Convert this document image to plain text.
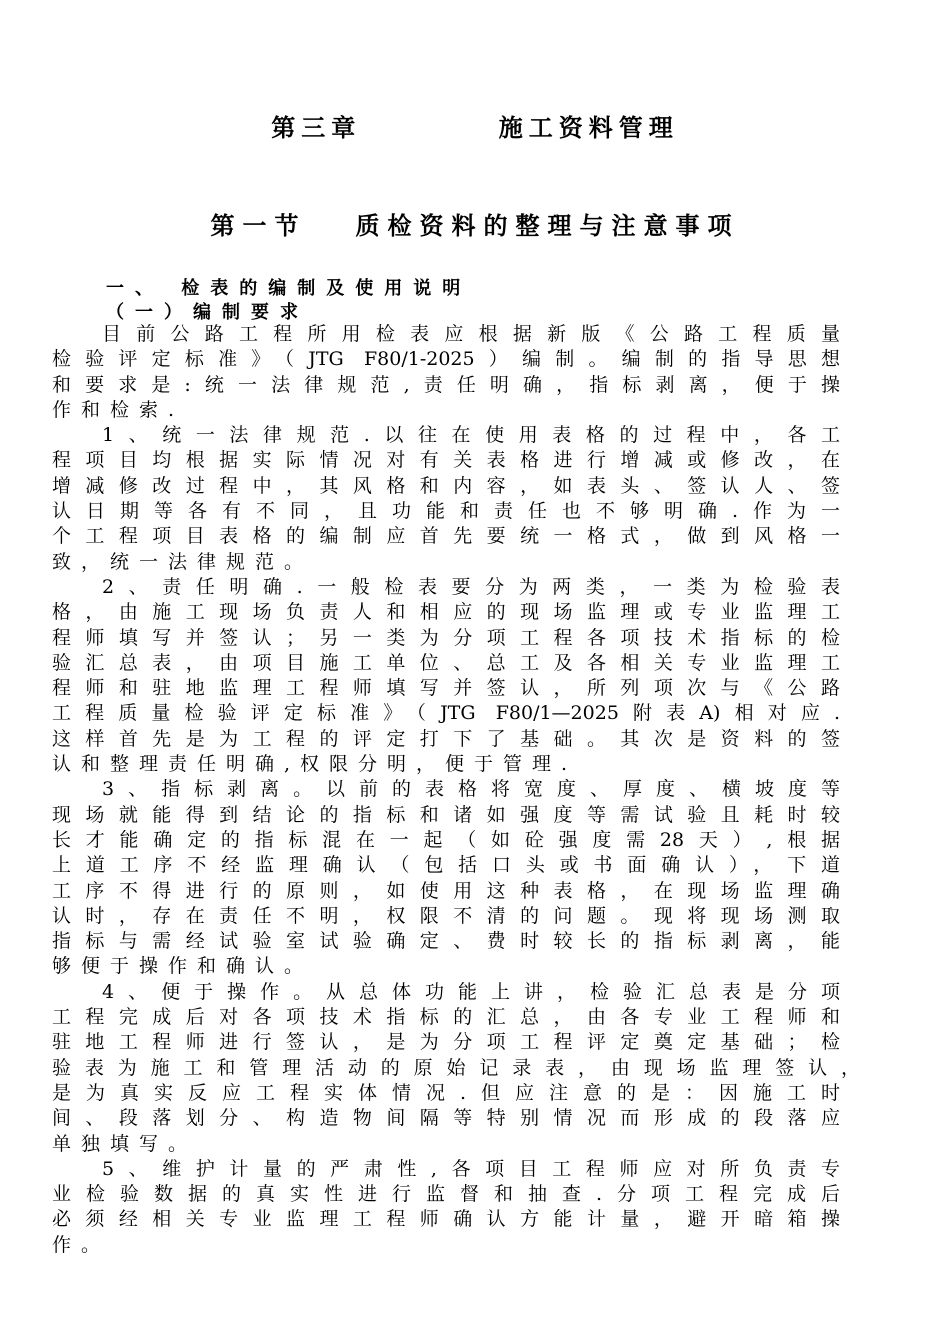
第三章    施工资料管理
第一节   质检资料的整理与注意事项
一、 检表的编制及使用说明
（一）编制要求
目前公路工程所用检表应根据新版《公路工程质量
检验评定标准》（JTG F80/1-2025）编制。编制的指导思想
和要求是:统一法律规范,责任明确，指标剥离，便于操
作和检索.
1、统一法律规范.以往在使用表格的过程中，各工
程项目均根据实际情况对有关表格进行增减或修改，在
增减修改过程中，其风格和内容，如表头、签认人、签
认日期等各有不同，且功能和责任也不够明确.作为一
个工程项目表格的编制应首先要统一格式，做到风格一
致，统一法律规范。
2、责任明确.一般检表要分为两类，一类为检验表
格，由施工现场负责人和相应的现场监理或专业监理工
程师填写并签认；另一类为分项工程各项技术指标的检
验汇总表，由项目施工单位、总工及各相关专业监理工
程师和驻地监理工程师填写并签认，所列项次与《公路
工程质量检验评定标准》（JTG F80/1—2025附表A)相对应.
这样首先是为工程的评定打下了基础。其次是资料的签
认和整理责任明确,权限分明，便于管理.
3、指标剥离。以前的表格将宽度、厚度、横坡度等
现场就能得到结论的指标和诸如强度等需试验且耗时较
长才能确定的指标混在一起（如砼强度需28天）,根据
上道工序不经监理确认（包括口头或书面确认），下道
工序不得进行的原则，如使用这种表格，在现场监理确
认时，存在责任不明，权限不清的问题。现将现场测取
指标与需经试验室试验确定、费时较长的指标剥离，能
够便于操作和确认。
4、便于操作。从总体功能上讲，检验汇总表是分项
工程完成后对各项技术指标的汇总，由各专业工程师和
驻地工程师进行签认，是为分项工程评定奠定基础；检
验表为施工和管理活动的原始记录表，由现场监理签认，
是为真实反应工程实体情况.但应注意的是：因施工时
间、段落划分、构造物间隔等特别情况而形成的段落应
单独填写。
5、维护计量的严肃性,各项目工程师应对所负责专
业检验数据的真实性进行监督和抽查.分项工程完成后
必须经相关专业监理工程师确认方能计量，避开暗箱操
作。
